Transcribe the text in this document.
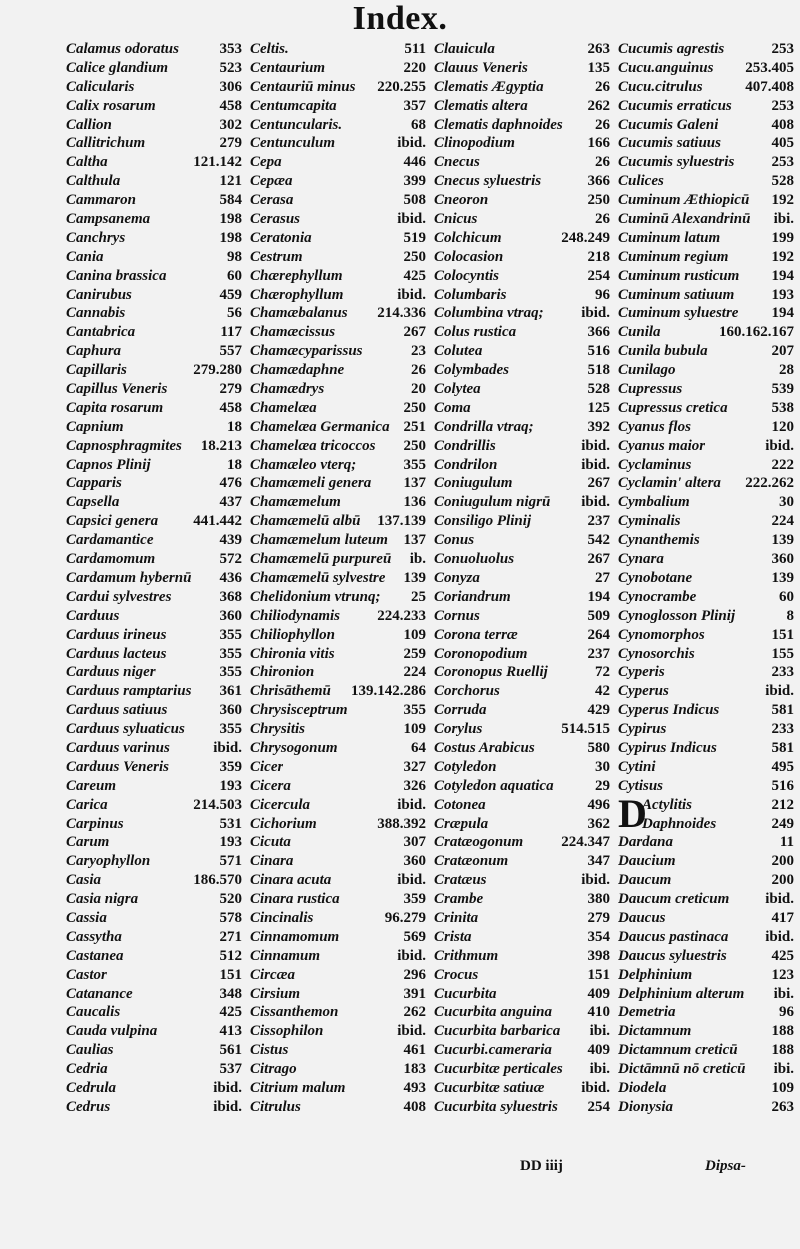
Index.
Calamus odoratus	353
Calice glandium	523
Calicularis	306
Calix rosarum	458
Callion	302
Callitrichum	279
Caltha	121.142
Calthula	121
Cammaron	584
Campsanema	198
Canchrys	198
Cania	98
Canina brassica	60
Canirubus	459
Cannabis	56
Cantabrica	117
Caphura	557
Capillaris	279.280
Capillus Veneris	279
Capita rosarum	458
Capnium	18
Capnosphragmites 18.213
Capnos Plinij	18
Capparis	476
Capsella	437
Capsici genera 441.442
Cardamantice	439
Cardamomum	572
Cardamum hybernū 436
Cardui sylvestres	368
Carduus	360
Carduus irineus	355
Carduus lacteus	355
Carduus niger	355
Carduus ramptarius 361
Carduus satiuus	360
Carduus syluaticus 355
Carduus varinus	ibid.
Carduus Veneris	359
Careum	193
Carica	214.503
Carpinus	531
Carum	193
Caryophyllon	571
Casia	186.570
Casia nigra	520
Cassia	578
Cassytha	271
Castanea	512
Castor	151
Catanance	348
Caucalis	425
Cauda vulpina	413
Caulias	561
Cedria	537
Cedrula	ibid.
Cedrus	ibid.
Celtis.	511
Centaurium	220
Centauriū minus 220.255
Centumcapita	357
Centuncularis.	68
Centunculum	ibid.
Cepa	446
Cepæa	399
Cerasa	508
Cerasus	ibid.
Ceratonia	519
Cestrum	250
Chærephyllum	425
Chærophyllum	ibid.
Chamæbalanus 214.336
Chamæcissus	267
Chamæcyparissus	23
Chamædaphne	26
Chamædrys	20
Chamelæa	250
Chamelæa Germanica 251
Chamelæa tricoccos 250
Chamæleo vterq;	355
Chamæmeli genera 137
Chamæmelum	136
Chamæmelū albū 137.139
Chamæmelum luteum 137
Chamæmelū purpureū ib.
Chamæmelū sylvestre 139
Chelidonium vtrunq; 25
Chiliodynamis 224.233
Chiliophyllon	109
Chironia vitis	259
Chironion	224
Chrisāthemū 139.142.286
Chrysisceptrum	355
Chrysitis	109
Chrysogonum	64
Cicer	327
Cicera	326
Cicercula	ibid.
Cichorium	388.392
Cicuta	307
Cinara	360
Cinara acuta	ibid.
Cinara rustica	359
Cincinalis	96.279
Cinnamomum	569
Cinnamum	ibid.
Circæa	296
Cirsium	391
Cissanthemon	262
Cissophilon	ibid.
Cistus	461
Citrago	183
Citrium malum	493
Citrulus	408
Clauicula	263
Clauus Veneris	135
Clematis Ægyptia	26
Clematis altera	262
Clematis daphnoides 26
Clinopodium	166
Cnecus	26
Cnecus syluestris	366
Cneoron	250
Cnicus	26
Colchicum	248.249
Colocasion	218
Colocyntis	254
Columbaris	96
Columbina vtraq;	ibid.
Colus rustica	366
Colutea	516
Colymbades	518
Colytea	528
Coma	125
Condrilla vtraq;	392
Condrillis	ibid.
Condrilon	ibid.
Coniugulum	267
Coniugulum nigrū ibid.
Consiligo Plinij	237
Conus	542
Conuoluolus	267
Conyza	27
Coriandrum	194
Cornus	509
Corona terræ	264
Coronopodium	237
Coronopus Ruellij	72
Corchorus	42
Corruda	429
Corylus	514.515
Costus Arabicus	580
Cotyledon	30
Cotyledon aquatica	29
Cotonea	496
Cræpula	362
Cratæogonum	224.347
Cratæonum	347
Cratæus	ibid.
Crambe	380
Crinita	279
Crista	354
Crithmum	398
Crocus	151
Cucurbita	409
Cucurbita anguina 410
Cucurbita barbarica ibi.
Cucurbi.cameraria 409
Cucurbitæ perticales ibi.
Cucurbitæ satiuæ ibid.
Cucurbita syluestris 254
Cucumis agrestis	253
Cucu.anguinus 253.405
Cucu.citrulus	407.408
Cucumis erraticus	253
Cucumis Galeni	408
Cucumis satiuus	405
Cucumis syluestris 253
Culices	528
Cuminum Æthiopicū 192
Cuminū Alexandrinū ibi.
Cuminum latum	199
Cuminum regium	192
Cuminum rusticum 194
Cuminum satiuum 193
Cuminum syluestre 194
Cunila	160.162.167
Cunila bubula	207
Cunilago	28
Cupressus	539
Cupressus cretica	538
Cyanus flos	120
Cyanus maior	ibid.
Cyclaminus	222
Cyclamin' altera 222.262
Cymbalium	30
Cyminalis	224
Cynanthemis	139
Cynara	360
Cynobotane	139
Cynocrambe	60
Cynoglosson Plinij	8
Cynomorphos	151
Cynosorchis	155
Cyperis	233
Cyperus	ibid.
Cyperus Indicus	581
Cypirus	233
Cypirus Indicus	581
Cytini	495
Cytisus	516
D
Actylitis	212
Daphnoides	249
Dardana	11
Daucium	200
Daucum	200
Daucum creticum ibid.
Daucus	417
Daucus pastinaca ibid.
Daucus syluestris	425
Delphinium	123
Delphinium alterum ibi.
Demetria	96
Dictamnum	188
Dictamnum creticū 188
Dictāmnū nō creticū ibi.
Diodela	109
Dionysia	263
DD iiij	Dipsa-
